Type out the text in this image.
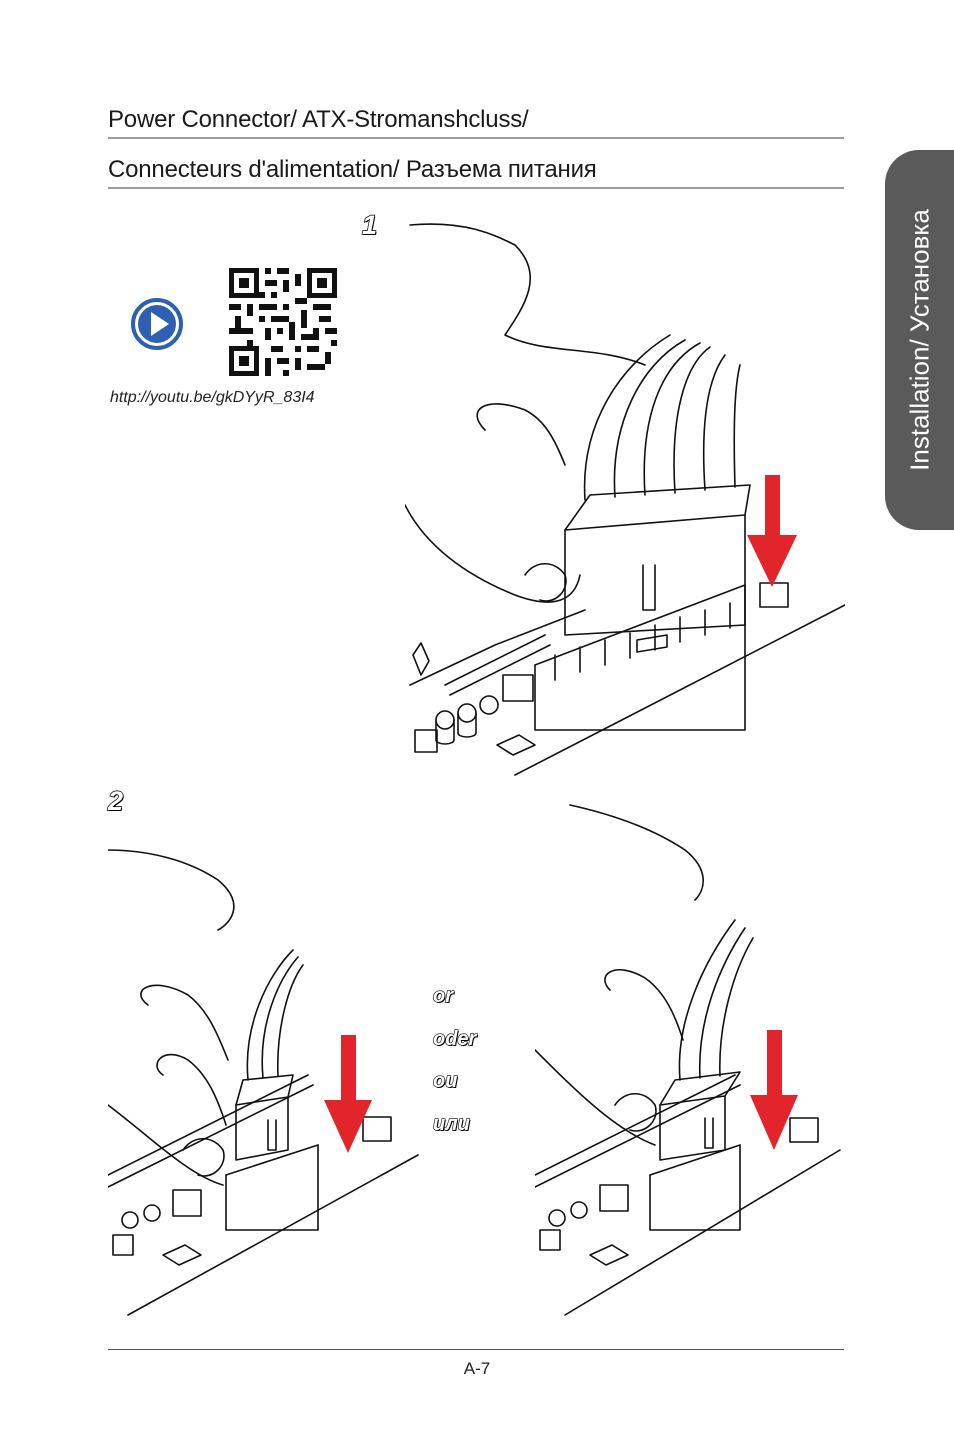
Power Connector/ ATX-Stromanshcluss/
Connecteurs d'alimentation/ Разъема питания
Installation/ Установка
1
2
http://youtu.be/gkDYyR_83I4
or
oder
ou
или
A-7
